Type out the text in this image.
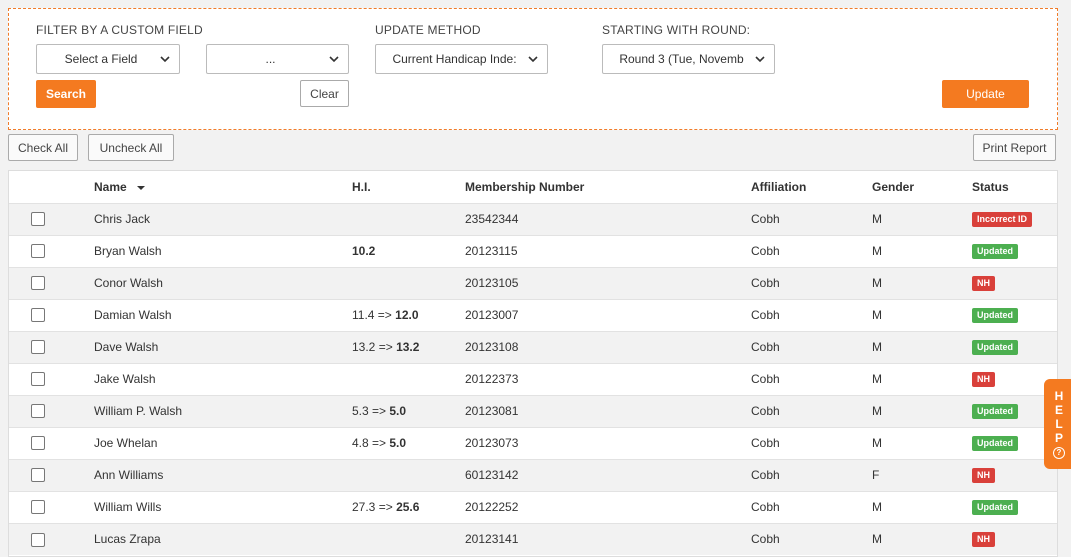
FILTER BY A CUSTOM FIELD
Select a Field	...
UPDATE METHOD
Current Handicap Inde:
STARTING WITH ROUND:
Round 3 (Tue, Novemb
Search	Clear	Update
Check All	Uncheck All	Print Report
	Name	H.I.	Membership Number	Affiliation	Gender	Status
	Chris Jack		23542344	Cobh	M	Incorrect ID
	Bryan Walsh	10.2	20123115	Cobh	M	Updated
	Conor Walsh		20123105	Cobh	M	NH
	Damian Walsh	11.4 => 12.0	20123007	Cobh	M	Updated
	Dave Walsh	13.2 => 13.2	20123108	Cobh	M	Updated
	Jake Walsh		20122373	Cobh	M	NH
	William P. Walsh	5.3 => 5.0	20123081	Cobh	M	Updated
	Joe Whelan	4.8 => 5.0	20123073	Cobh	M	Updated
	Ann Williams		60123142	Cobh	F	NH
	William Wills	27.3 => 25.6	20122252	Cobh	M	Updated
	Lucas Zrapa		20123141	Cobh	M	NH
H
E
L
P
?
